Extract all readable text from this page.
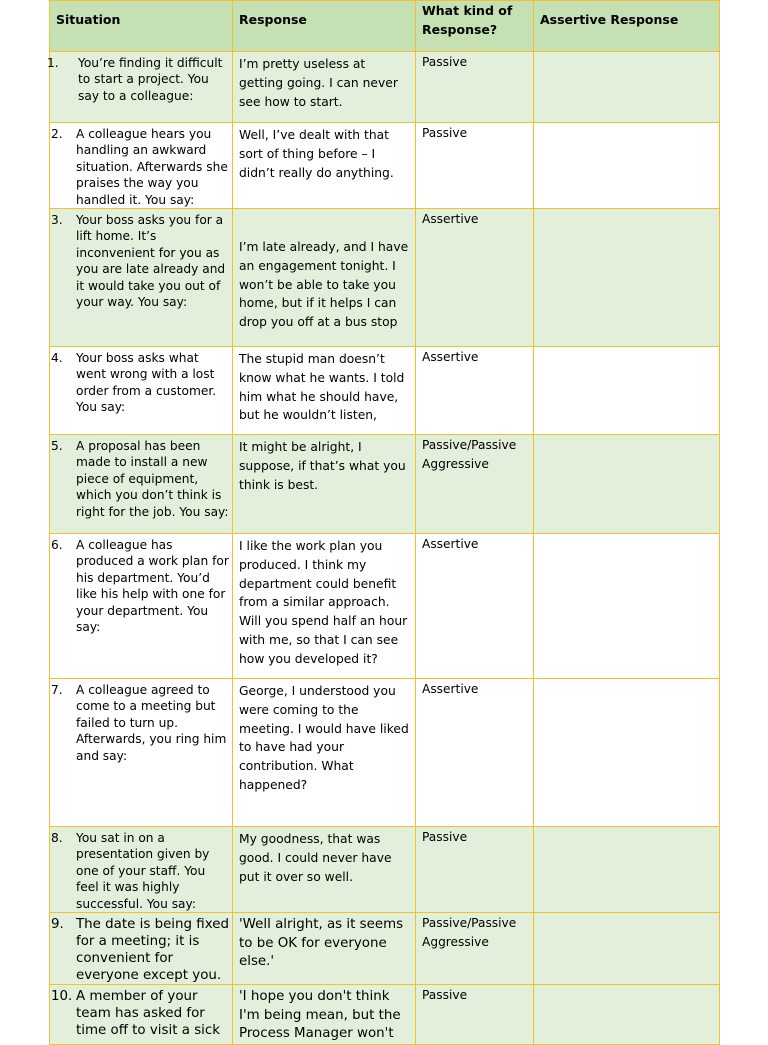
Situation	Response	What kind of Response?	Assertive Response

1. You’re finding it difficult to start a project. You say to a colleague:	I’m pretty useless at getting going. I can never see how to start.	Passive	

2. A colleague hears you handling an awkward situation. Afterwards she praises the way you handled it. You say:	Well, I’ve dealt with that sort of thing before – I didn’t really do anything.	Passive	

3. Your boss asks you for a lift home. It’s inconvenient for you as you are late already and it would take you out of your way. You say:	I’m late already, and I have an engagement tonight. I won’t be able to take you home, but if it helps I can drop you off at a bus stop	Assertive	

4. Your boss asks what went wrong with a lost order from a customer. You say:	The stupid man doesn’t know what he wants. I told him what he should have, but he wouldn’t listen,	Assertive	

5. A proposal has been made to install a new piece of equipment, which you don’t think is right for the job. You say:	It might be alright, I suppose, if that’s what you think is best.	Passive/Passive Aggressive	

6. A colleague has produced a work plan for his department. You’d like his help with one for your department. You say:	I like the work plan you produced. I think my department could benefit from a similar approach. Will you spend half an hour with me, so that I can see how you developed it?	Assertive	

7. A colleague agreed to come to a meeting but failed to turn up. Afterwards, you ring him and say:	George, I understood you were coming to the meeting. I would have liked to have had your contribution. What happened?	Assertive	

8. You sat in on a presentation given by one of your staff. You feel it was highly successful. You say:	My goodness, that was good. I could never have put it over so well.	Passive	

9. The date is being fixed for a meeting; it is convenient for everyone except you.	'Well alright, as it seems to be OK for everyone else.'	Passive/Passive Aggressive	

10. A member of your team has asked for time off to visit a sick	'I hope you don't think I'm being mean, but the Process Manager won't	Passive	
